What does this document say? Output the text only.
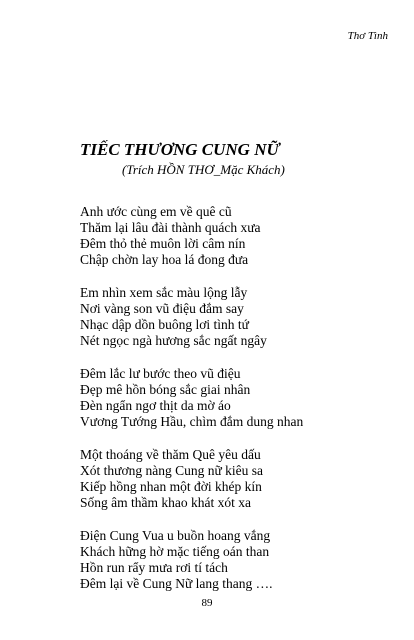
Thơ Tình
TIẾC THƯƠNG CUNG NỮ
(Trích HỒN THƠ_Mặc Khách)
Anh ước cùng em về quê cũ
Thăm lại lâu đài thành quách xưa
Đêm thỏ thẻ muôn lời câm nín
Chập chờn lay hoa lá đong đưa
Em nhìn xem sắc màu lộng lẫy
Nơi vàng son vũ điệu đắm say
Nhạc dập dồn buông lơi tình tứ
Nét ngọc ngà hương sắc ngất ngây
Đêm lắc lư bước theo vũ điệu
Đẹp mê hồn bóng sắc giai nhân
Đèn ngẩn ngơ thịt da mờ áo
Vương Tướng Hầu, chìm đắm dung nhan
Một thoáng về thăm Quê yêu dấu
Xót thương nàng Cung nữ kiêu sa
Kiếp hồng nhan một đời khép kín
Sống âm thầm khao khát xót xa
Điện Cung Vua u buồn hoang vắng
Khách hững hờ mặc tiếng oán than
Hồn run rẩy mưa rơi tí tách
Đêm lại về Cung Nữ lang thang ….
89
